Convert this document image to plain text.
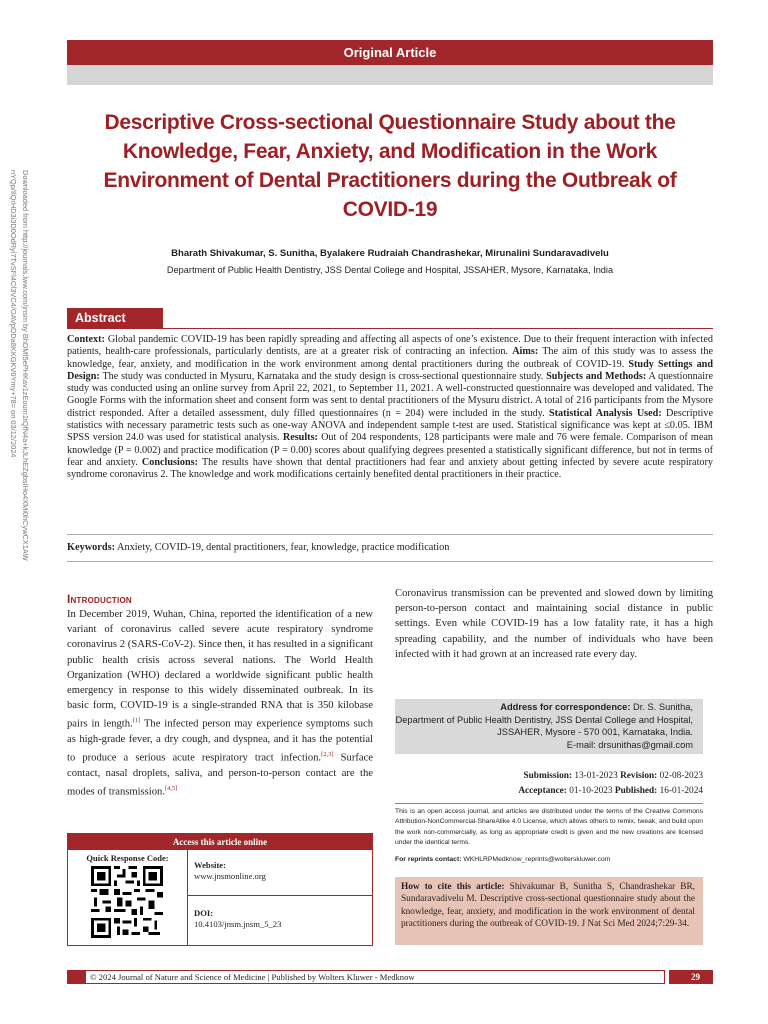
Original Article
Downloaded from http://journals.lww.com/jnsm by BhDMf5ePHKav1zEoum1tQfN4a+kJLhEZgbsIHo4XMi0hCywCX1AW
nYQp/IlQrHD3i3D0OdRyi7TvSFl4Cf3VC4/OAVpDDa8KKGKV0Ymy+78= on 03/12/2024
Descriptive Cross-sectional Questionnaire Study about the Knowledge, Fear, Anxiety, and Modification in the Work Environment of Dental Practitioners during the Outbreak of COVID-19
Bharath Shivakumar, S. Sunitha, Byalakere Rudraiah Chandrashekar, Mirunalini Sundaravadivelu
Department of Public Health Dentistry, JSS Dental College and Hospital, JSSAHER, Mysore, Karnataka, India
Abstract
Context: Global pandemic COVID-19 has been rapidly spreading and affecting all aspects of one’s existence. Due to their frequent interaction with infected patients, health-care professionals, particularly dentists, are at a greater risk of contracting an infection. Aims: The aim of this study was to assess the knowledge, fear, anxiety, and modification in the work environment among dental practitioners during the outbreak of COVID-19. Study Settings and Design: The study was conducted in Mysuru, Karnataka and the study design is cross-sectional questionnaire study. Subjects and Methods: A questionnaire study was conducted using an online survey from April 22, 2021, to September 11, 2021. A well-constructed questionnaire was developed and validated. The Google Forms with the information sheet and consent form was sent to dental practitioners of the Mysuru district. A total of 216 participants from the Mysore district responded. After a detailed assessment, duly filled questionnaires (n = 204) were included in the study. Statistical Analysis Used: Descriptive statistics with necessary parametric tests such as one-way ANOVA and independent sample t-test are used. Statistical significance was kept at ≤0.05. IBM SPSS version 24.0 was used for statistical analysis. Results: Out of 204 respondents, 128 participants were male and 76 were female. Comparison of mean knowledge (P = 0.002) and practice modification (P = 0.00) scores about qualifying degrees presented a statistically significant difference, but not in terms of fear and anxiety. Conclusions: The results have shown that dental practitioners had fear and anxiety about getting infected by severe acute respiratory syndrome coronavirus 2. The knowledge and work modifications certainly benefited dental practitioners in their practice.
Keywords: Anxiety, COVID-19, dental practitioners, fear, knowledge, practice modification
Introduction

In December 2019, Wuhan, China, reported the identification of a new variant of coronavirus called severe acute respiratory syndrome coronavirus 2 (SARS-CoV-2). Since then, it has resulted in a significant public health crisis across several nations. The World Health Organization (WHO) declared a worldwide significant public health emergency in response to this widely disseminated outbreak. In its basic form, COVID-19 is a single-stranded RNA that is 350 kilobase pairs in length.[1] The infected person may experience symptoms such as high-grade fever, a dry cough, and dyspnea, and it has the potential to produce a serious acute respiratory tract infection.[2,3] Surface contact, nasal droplets, saliva, and person-to-person contact are the modes of transmission.[4,5]

Coronavirus transmission can be prevented and slowed down by limiting person-to-person contact and maintaining social distance in public settings. Even while COVID-19 has a low fatality rate, it has a high spreading capability, and the number of individuals who have been infected with it had grown at an increased rate every day.

Access this article online
Quick Response Code:
Website:
www.jnsmonline.org
DOI:
10.4103/jnsm.jnsm_5_23
Address for correspondence: Dr. S. Sunitha,
Department of Public Health Dentistry, JSS Dental College and Hospital,
JSSAHER, Mysore - 570 001, Karnataka, India.
E-mail: drsunithas@gmail.com
Submission: 13-01-2023 Revision: 02-08-2023
Acceptance: 01-10-2023 Published: 16-01-2024
This is an open access journal, and articles are distributed under the terms of the Creative Commons Attribution-NonCommercial-ShareAlike 4.0 License, which allows others to remix, tweak, and build upon the work non-commercially, as long as appropriate credit is given and the new creations are licensed under the identical terms.
For reprints contact: WKHLRPMedknow_reprints@wolterskluwer.com
How to cite this article: Shivakumar B, Sunitha S, Chandrashekar BR, Sundaravadivelu M. Descriptive cross-sectional questionnaire study about the knowledge, fear, anxiety, and modification in the work environment of dental practitioners during the outbreak of COVID-19. J Nat Sci Med 2024;7:29-34.
© 2024 Journal of Nature and Science of Medicine | Published by Wolters Kluwer - Medknow	29
